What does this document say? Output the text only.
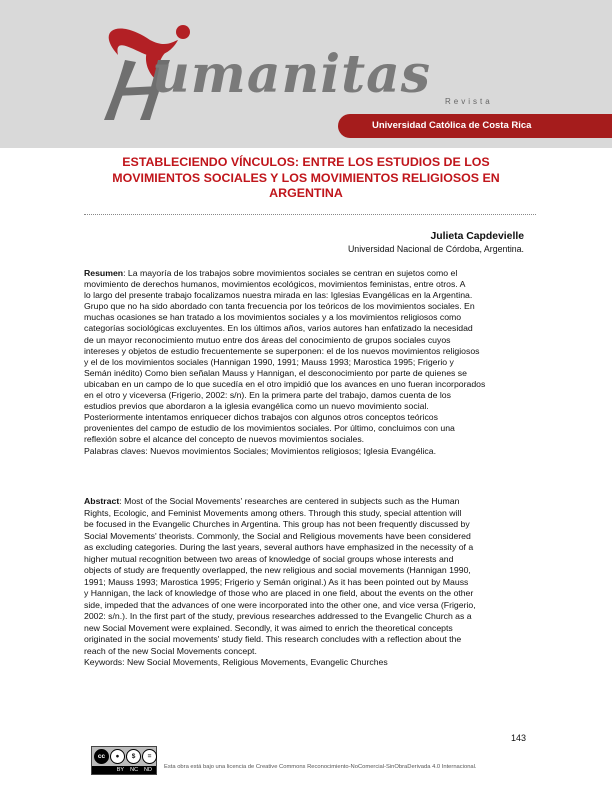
umanitas Revista
Universidad Católica de Costa Rica
ESTABLECIENDO VÍNCULOS: ENTRE LOS ESTUDIOS DE LOS
MOVIMIENTOS SOCIALES Y LOS MOVIMIENTOS RELIGIOSOS EN
ARGENTINA
Julieta Capdevielle
Universidad Nacional de Córdoba, Argentina.
Resumen: La mayoría de los trabajos sobre movimientos sociales se centran en sujetos como el
movimiento de derechos humanos, movimientos ecológicos, movimientos feministas, entre otros. A
lo largo del presente trabajo focalizamos nuestra mirada en las: Iglesias Evangélicas en la Argentina.
Grupo que no ha sido abordado con tanta frecuencia por los teóricos de los movimientos sociales. En
muchas ocasiones se han tratado a los movimientos sociales y a los movimientos religiosos como
categorías sociológicas excluyentes. En los últimos años, varios autores han enfatizado la necesidad
de un mayor reconocimiento mutuo entre dos áreas del conocimiento de grupos sociales cuyos
intereses y objetos de estudio frecuentemente se superponen: el de los nuevos movimientos religiosos
y el de los movimientos sociales (Hannigan 1990, 1991; Mauss 1993; Marostica 1995; Frigerio y
Semán inédito) Como bien señalan Mauss y Hannigan, el desconocimiento por parte de quienes se
ubicaban en un campo de lo que sucedía en el otro impidió que los avances en uno fueran incorporados
en el otro y viceversa (Frigerio, 2002: s/n). En la primera parte del trabajo, damos cuenta de los
estudios previos que abordaron a la iglesia evangélica como un nuevo movimiento social.
Posteriormente intentamos enriquecer dichos trabajos con algunos otros conceptos teóricos
provenientes del campo de estudio de los movimientos sociales. Por último, concluimos con una
reflexión sobre el alcance del concepto de nuevos movimientos sociales.
Palabras claves: Nuevos movimientos Sociales; Movimientos religiosos; Iglesia Evangélica.
Abstract: Most of the Social Movements' researches are centered in subjects such as the Human
Rights, Ecologic, and Feminist Movements among others. Through this study, special attention will
be focused in the Evangelic Churches in Argentina. This group has not been frequently discussed by
Social Movements' theorists. Commonly, the Social and Religious movements have been considered
as excluding categories. During the last years, several authors have emphasized in the necessity of a
higher mutual recognition between two areas of knowledge of social groups whose interests and
objects of study are frequently overlapped, the new religious and social movements (Hannigan 1990,
1991; Mauss 1993; Marostica 1995; Frigerio y Semán original.) As it has been pointed out by Mauss
y Hannigan, the lack of knowledge of those who are placed in one field, about the events on the other
side, impeded that the advances of one were incorporated into the other one, and vice versa (Frigerio,
2002: s/n.). In the first part of the study, previous researches addressed to the Evangelic Church as a
new Social Movement were explained. Secondly, it was aimed to enrich the theoretical concepts
originated in the social movements' study field. This research concludes with a reflection about the
reach of the new Social Movements concept.
Keywords: New Social Movements, Religious Movements, Evangelic Churches
143
cc	●	$	=
BY NC ND Esta obra está bajo una licencia de Creative Commons Reconocimiento-NoComercial-SinObraDerivada 4.0 Internacional.
